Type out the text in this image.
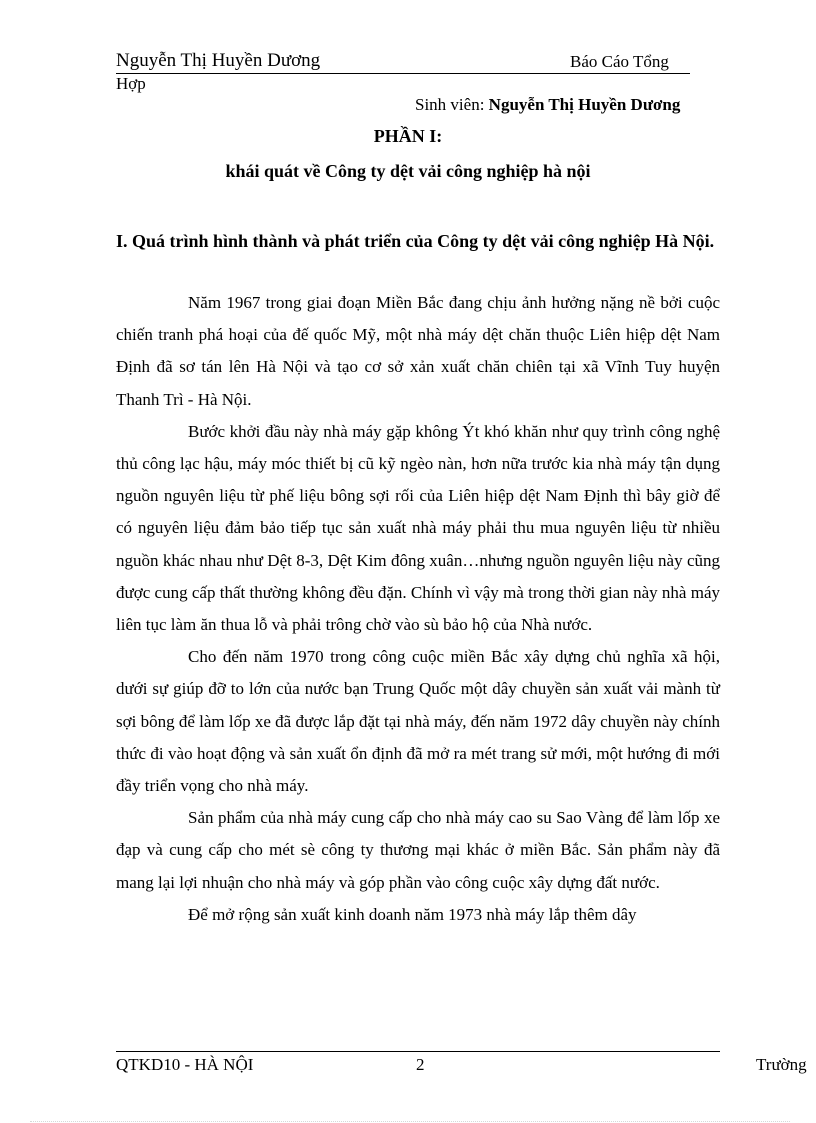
Nguyễn Thị Huyền Dương	Báo Cáo Tổng
Hợp
Sinh viên: Nguyễn Thị Huyền Dương
PHẦN I:
khái quát về Công ty dệt vải công nghiệp hà nội
I. Quá trình hình thành và phát triển của Công ty dệt vải công nghiệp Hà Nội.

Năm 1967 trong giai đoạn Miền Bắc đang chịu ảnh hưởng nặng nề bởi cuộc chiến tranh phá hoại của đế quốc Mỹ, một nhà máy dệt chăn thuộc Liên hiệp dệt Nam Định đã sơ tán lên Hà Nội và tạo cơ sở xản xuất chăn chiên tại xã Vĩnh Tuy huyện Thanh Trì - Hà Nội.

Bước khởi đầu này nhà máy gặp không Ýt khó khăn như quy trình công nghệ thủ công lạc hậu, máy móc thiết bị cũ kỹ ngèo nàn, hơn nữa trước kia nhà máy tận dụng nguồn nguyên liệu từ phế liệu bông sợi rối của Liên hiệp dệt Nam Định thì bây giờ để có nguyên liệu đảm bảo tiếp tục sản xuất nhà máy phải thu mua nguyên liệu từ nhiều nguồn khác nhau như Dệt 8-3, Dệt Kim đông xuân…nhưng nguồn nguyên liệu này cũng được cung cấp thất thường không đều đặn. Chính vì vậy mà trong thời gian này nhà máy liên tục làm ăn thua lỗ và phải trông chờ vào sù bảo hộ của Nhà nước.

Cho đến năm 1970 trong công cuộc miền Bắc xây dựng chủ nghĩa xã hội, dưới sự giúp đỡ to lớn của nước bạn Trung Quốc một dây chuyền sản xuất vải mành từ sợi bông để làm lốp xe đã được lắp đặt tại nhà máy, đến năm 1972 dây chuyền này chính thức đi vào hoạt động và sản xuất ổn định đã mở ra mét trang sử mới, một hướng đi mới đầy triển vọng cho nhà máy.

Sản phẩm của nhà máy cung cấp cho nhà máy cao su Sao Vàng để làm lốp xe đạp và cung cấp cho mét sè công ty thương mại khác ở miền Bắc. Sản phẩm này đã mang lại lợi nhuận cho nhà máy và góp phần vào công cuộc xây dựng đất nước.

Để mở rộng sản xuất kinh doanh năm 1973 nhà máy lắp thêm dây

QTKD10 - HÀ NỘI	2	Trường
